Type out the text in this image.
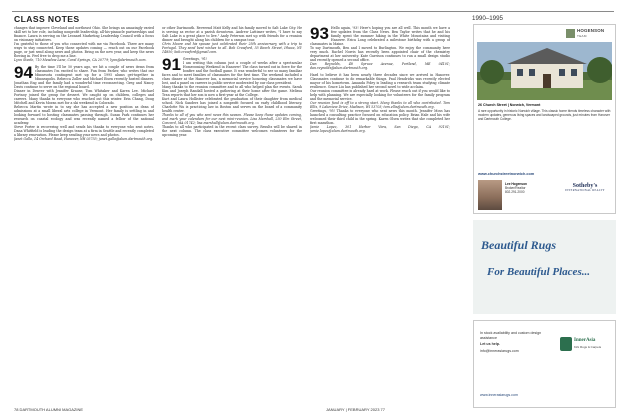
CLASS NOTES	1990–1995

changes that improve Cleveland and northeast Ohio. She brings an amazingly varied skill set to her role, including nonprofit leadership, all-his-pinnacle partnerships and finance. Laura is serving on the Leonard Marketing Leadership Council with a focus on visionary initiatives.

I'm grateful to those of you who connected with me via Facebook. There are many ways to stay connected. Keep those updates coming — reach out on our Facebook page, or just send along news and photos. Bring on the new year, and keep the news flowing in. Feel free to drop me a line.

Lynn Steele, 710 Meadow Lane, Coral Springs, CA 20779; lynn@dartmouth.com.

94 By the time I'll be 50 years ago, we hit a couple of news items from classmates I'm excited to share. Fun from Parker, who writes that our Minnesota contingent met up for a 1995 alums get-together in Minneapolis. Rebecca Zoller and Michael Eisen recently hosted dinners. Jonathan Eng and the family had a wonderful time reconnecting. Greg and Nancy Davis continue to serve on the regional board.

Dinner in Denver with Jennifer Krause, Tom Whitaker and Karen Lee. Michael Portnoy joined the group for dessert. We caught up on children, colleges and careers. Many thanks to everyone who reached out this winter. Erin Chang, Doug Mitchell and Kevin Moran met for a ski weekend in Colorado.

Rebecca Martin wrote in to say she has accepted a new position as dean of admissions at a small liberal arts college in Vermont. Her family is settling in and looking forward to hosting classmates passing through. Susan Park continues her research on coastal ecology and was recently named a fellow of the national academy.

Steve Porter is recovering well and sends his thanks to everyone who sent notes. Dana Whitfield is leading the design team at a firm in Seattle and recently completed a library renovation. Please keep sending your news and photos.

Janet Gallo, 14 Orchard Road, Hanover, NH 03755; janet.gallo@alum.dartmouth.org.

or other Dartmouth. Reverend Matt Kelly and his family moved to Salt Lake City. He is serving as rector at a parish downtown. Andrew Lattimer writes, "I have to say Salt Lake is a great place to live." Andy Peterson met up with friends for a reunion dinner and brought along his children for a campus tour.

Chris Moore and his spouse just celebrated their 25th anniversary with a trip to Portugal. They send best wishes to all. Bob Crawford, 55 Beech Street, Ithaca, NY 14850; bob.crawford@gmail.com.

91 Greetings, '91!

I am writing this column just a couple of weeks after a spectacular Homecoming Weekend in Hanover! The class turned out in force for the bonfire and the football game. It was wonderful to see so many familiar faces and to meet families of classmates for the first time. The weekend included a class dinner at the Hanover Inn, a memorial service honoring classmates we have lost, and a panel on careers in public service moderated by our class president.

Many thanks to the reunion committee and to all who helped plan the events. Sarah Kim and Joseph Randall hosted a gathering at their home after the game. Melissa Tran reports that her son is now a first-year at the College.

Kurt and Laura Hollister celebrated the graduation of their daughter from medical school. Nick Sanders has joined a nonprofit focused on early childhood literacy. Charlotte Wu is practicing law in Boston and serves on the board of a community health center.

Thanks to all of you who sent news this season. Please keep those updates coming, and mark your calendars for our next mini-reunion. Lisa Marshall, 230 Elm Street, Concord, MA 01742; lisa.marshall@alum.dartmouth.org.

Thanks to all who participated in the recent class survey. Results will be shared in the next column. The class executive committee welcomes volunteers for the upcoming year.

93 Hello again, '93! Here's hoping you are all well. This month we have a few updates from the Class News. Ben Taylor writes that he and his family spent the summer hiking in the White Mountains and visiting Hanover. Erica Long celebrated a milestone birthday with a group of classmates in Maine.

To say Dartmouth, Ben and I moved to Burlington. We enjoy the community here very much. Rachel Norris has recently been appointed chair of the chemistry department at her university. Kate Garrison continues to run a small design studio and recently opened a second office.

Dan Reynolds, 48 Spruce Avenue, Portland, ME 04101; dan.reynolds@alum.dartmouth.org.

Hard to believe it has been nearly three decades since we arrived in Hanover. Classmates continue to do remarkable things. Paul Hendricks was recently elected mayor of his hometown. Amanda Foley is leading a research team studying climate resilience. Grace Liu has published her second novel to wide acclaim.

Our reunion committee is already hard at work. Please reach out if you would like to help with planning. We are especially looking for volunteers for the family program and the memorial service.

Our reunion fund is off to a strong start. Many thanks to all who contributed. Tom Ellis, 9 Lakeview Drive, Madison, WI 53703; tom.ellis@alum.dartmouth.org.

Greetings, '95! Thanks to everyone who sent news this month. Jennifer Moss has launched a consulting practice focused on education policy. Brian Hale and his wife welcomed their third child in the spring. Karen Olsen writes that she completed her first marathon.

Jamie Lopez, 301 Harbor View, San Diego, CA 92101; jamie.lopez@alum.dartmouth.org.

78 DARTMOUTH ALUMNI MAGAZINE	JANUARY | FEBRUARY 2023 77
HOGENSON
TEAM

26 Church Street | Norwich, Vermont

A rare opportunity in historic Norwich village. This classic home blends timeless character with modern updates, generous living spaces and landscaped grounds, just minutes from Hanover and Dartmouth College.

www.churchstreetnorwich.com
Lee Hogenson
Broker/Realtor
802.291.2000
Sotheby's
INTERNATIONAL REALTY
Beautiful Rugs
For Beautiful Places...

In stock availability and custom design assistance

Let us help.

info@innerasiarugs.com

InnerAsia
Kirk Rugs & Carpets
www.innerasiarugs.com
